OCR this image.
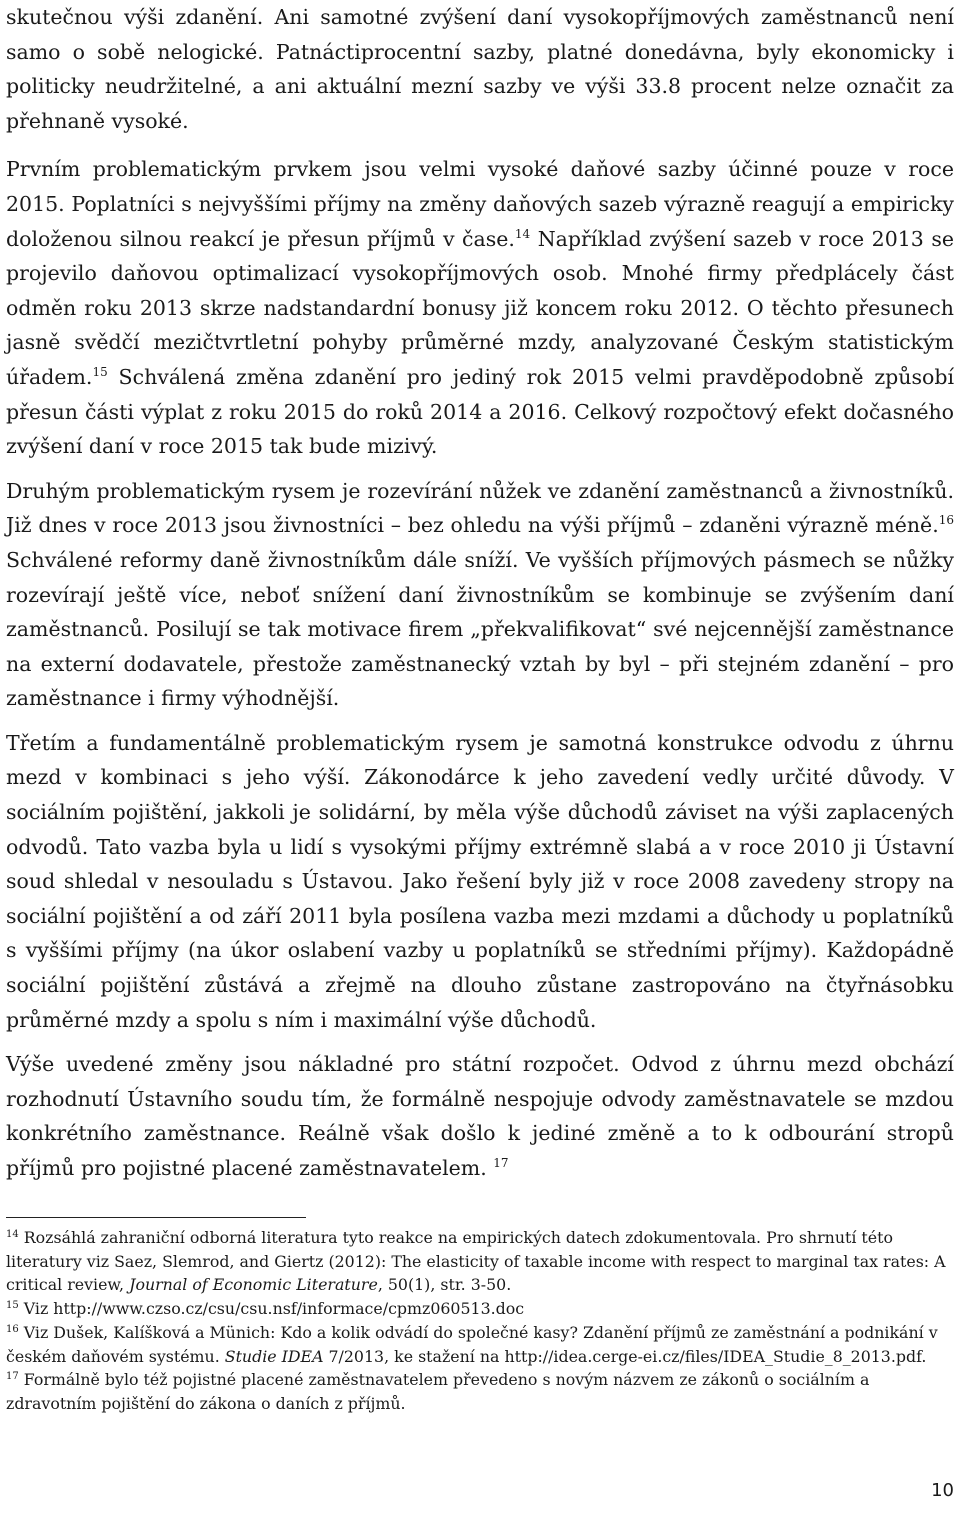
skutečnou výši zdanění. Ani samotné zvýšení daní vysokopříjmových zaměstnanců není samo o sobě nelogické. Patnáctiprocentní sazby, platné donedávna, byly ekonomicky i politicky neudržitelné, a ani aktuální mezní sazby ve výši 33.8 procent nelze označit za přehnaně vysoké.

Prvním problematickým prvkem jsou velmi vysoké daňové sazby účinné pouze v roce 2015. Poplatníci s nejvyššími příjmy na změny daňových sazeb výrazně reagují a empiricky doloženou silnou reakcí je přesun příjmů v čase.$^{14}$ Například zvýšení sazeb v roce 2013 se projevilo daňovou optimalizací vysokopříjmových osob. Mnohé firmy předplácely část odměn roku 2013 skrze nadstandardní bonusy již koncem roku 2012. O těchto přesunech jasně svědčí mezičtvrtletní pohyby průměrné mzdy, analyzované Českým statistickým úřadem.$^{15}$ Schválená změna zdanění pro jediný rok 2015 velmi pravděpodobně způsobí přesun části výplat z roku 2015 do roků 2014 a 2016. Celkový rozpočtový efekt dočasného zvýšení daní v roce 2015 tak bude mizivý.

Druhým problematickým rysem je rozevírání nůžek ve zdanění zaměstnanců a živnostníků. Již dnes v roce 2013 jsou živnostníci – bez ohledu na výši příjmů – zdaněni výrazně méně.$^{16}$ Schválené reformy daně živnostníkům dále sníží. Ve vyšších příjmových pásmech se nůžky rozevírají ještě více, neboť snížení daní živnostníkům se kombinuje se zvýšením daní zaměstnanců. Posilují se tak motivace firem „překvalifikovat“ své nejcennější zaměstnance na externí dodavatele, přestože zaměstnanecký vztah by byl – při stejném zdanění – pro zaměstnance i firmy výhodnější.

Třetím a fundamentálně problematickým rysem je samotná konstrukce odvodu z úhrnu mezd v kombinaci s jeho výší. Zákonodárce k jeho zavedení vedly určité důvody. V sociálním pojištění, jakkoli je solidární, by měla výše důchodů záviset na výši zaplacených odvodů. Tato vazba byla u lidí s vysokými příjmy extrémně slabá a v roce 2010 ji Ústavní soud shledal v nesouladu s Ústavou. Jako řešení byly již v roce 2008 zavedeny stropy na sociální pojištění a od září 2011 byla posílena vazba mezi mzdami a důchody u poplatníků s vyššími příjmy (na úkor oslabení vazby u poplatníků se středními příjmy). Každopádně sociální pojištění zůstává a zřejmě na dlouho zůstane zastropováno na čtyřnásobku průměrné mzdy a spolu s ním i maximální výše důchodů.

Výše uvedené změny jsou nákladné pro státní rozpočet. Odvod z úhrnu mezd obchází rozhodnutí Ústavního soudu tím, že formálně nespojuje odvody zaměstnavatele se mzdou konkrétního zaměstnance. Reálně však došlo k jediné změně a to k odbourání stropů příjmů pro pojistné placené zaměstnavatelem. $^{17}$

$^{14}$ Rozsáhlá zahraniční odborná literatura tyto reakce na empirických datech zdokumentovala. Pro shrnutí této literatury viz Saez, Slemrod, and Giertz (2012): The elasticity of taxable income with respect to marginal tax rates: A critical review, Journal of Economic Literature, 50(1), str. 3-50.

$^{15}$ Viz http://www.czso.cz/csu/csu.nsf/informace/cpmz060513.doc

$^{16}$ Viz Dušek, Kalíšková a Münich: Kdo a kolik odvádí do společné kasy? Zdanění příjmů ze zaměstnání a podnikání v českém daňovém systému. Studie IDEA 7/2013, ke stažení na http://idea.cerge-ei.cz/files/IDEA_Studie_8_2013.pdf.

$^{17}$ Formálně bylo též pojistné placené zaměstnavatelem převedeno s novým názvem ze zákonů o sociálním a zdravotním pojištění do zákona o daních z příjmů.

10
